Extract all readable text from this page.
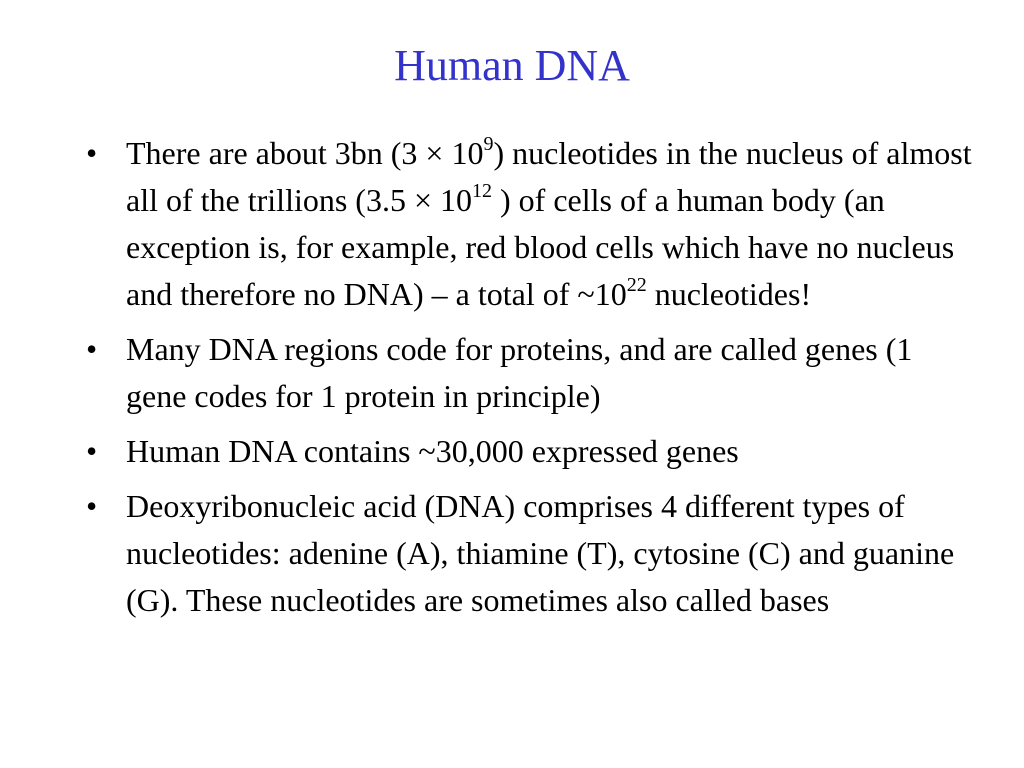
Human DNA
• There are about 3bn $(3 \times 10^9)$ nucleotides in the nucleus of almost all of the trillions ($3.5 \times 10^{12}$ ) of cells of a human body (an exception is, for example, red blood cells which have no nucleus and therefore no DNA) – a total of $\sim 10^{22}$ nucleotides!
• Many DNA regions code for proteins, and are called genes (1 gene codes for 1 protein in principle)
• Human DNA contains ~30,000 expressed genes
• Deoxyribonucleic acid (DNA) comprises 4 different types of nucleotides: adenine (A), thiamine (T), cytosine (C) and guanine (G). These nucleotides are sometimes also called bases
